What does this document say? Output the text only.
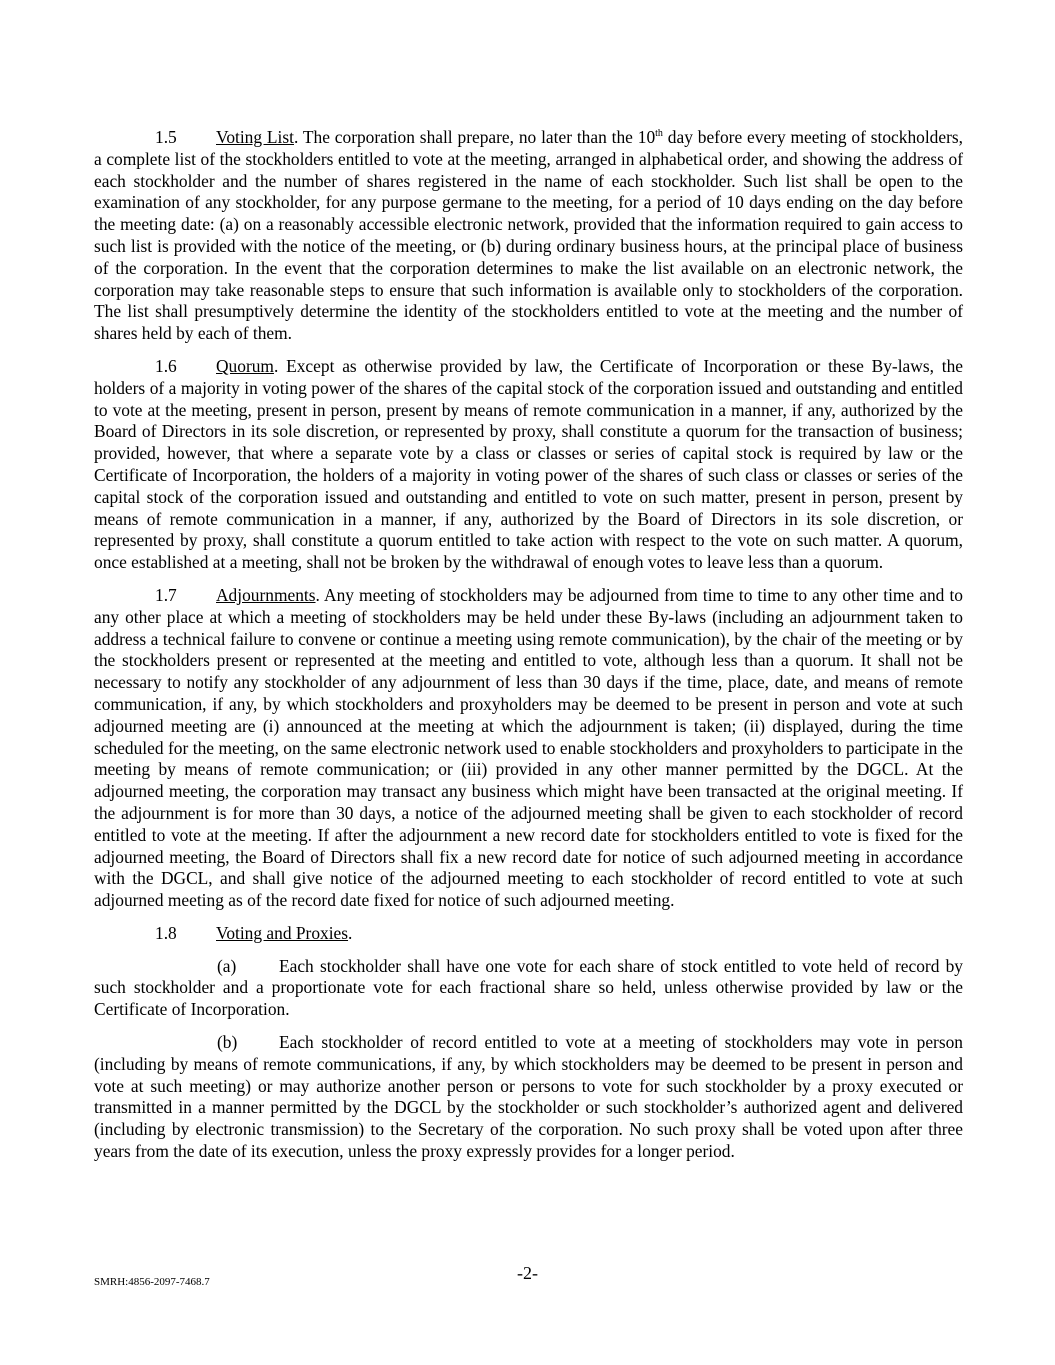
1.5 Voting List. The corporation shall prepare, no later than the 10th day before every meeting of stockholders, a complete list of the stockholders entitled to vote at the meeting, arranged in alphabetical order, and showing the address of each stockholder and the number of shares registered in the name of each stockholder. Such list shall be open to the examination of any stockholder, for any purpose germane to the meeting, for a period of 10 days ending on the day before the meeting date: (a) on a reasonably accessible electronic network, provided that the information required to gain access to such list is provided with the notice of the meeting, or (b) during ordinary business hours, at the principal place of business of the corporation. In the event that the corporation determines to make the list available on an electronic network, the corporation may take reasonable steps to ensure that such information is available only to stockholders of the corporation. The list shall presumptively determine the identity of the stockholders entitled to vote at the meeting and the number of shares held by each of them.

1.6 Quorum. Except as otherwise provided by law, the Certificate of Incorporation or these By-laws, the holders of a majority in voting power of the shares of the capital stock of the corporation issued and outstanding and entitled to vote at the meeting, present in person, present by means of remote communication in a manner, if any, authorized by the Board of Directors in its sole discretion, or represented by proxy, shall constitute a quorum for the transaction of business; provided, however, that where a separate vote by a class or classes or series of capital stock is required by law or the Certificate of Incorporation, the holders of a majority in voting power of the shares of such class or classes or series of the capital stock of the corporation issued and outstanding and entitled to vote on such matter, present in person, present by means of remote communication in a manner, if any, authorized by the Board of Directors in its sole discretion, or represented by proxy, shall constitute a quorum entitled to take action with respect to the vote on such matter. A quorum, once established at a meeting, shall not be broken by the withdrawal of enough votes to leave less than a quorum.

1.7 Adjournments. Any meeting of stockholders may be adjourned from time to time to any other time and to any other place at which a meeting of stockholders may be held under these By-laws (including an adjournment taken to address a technical failure to convene or continue a meeting using remote communication), by the chair of the meeting or by the stockholders present or represented at the meeting and entitled to vote, although less than a quorum. It shall not be necessary to notify any stockholder of any adjournment of less than 30 days if the time, place, date, and means of remote communication, if any, by which stockholders and proxyholders may be deemed to be present in person and vote at such adjourned meeting are (i) announced at the meeting at which the adjournment is taken; (ii) displayed, during the time scheduled for the meeting, on the same electronic network used to enable stockholders and proxyholders to participate in the meeting by means of remote communication; or (iii) provided in any other manner permitted by the DGCL. At the adjourned meeting, the corporation may transact any business which might have been transacted at the original meeting. If the adjournment is for more than 30 days, a notice of the adjourned meeting shall be given to each stockholder of record entitled to vote at the meeting. If after the adjournment a new record date for stockholders entitled to vote is fixed for the adjourned meeting, the Board of Directors shall fix a new record date for notice of such adjourned meeting in accordance with the DGCL, and shall give notice of the adjourned meeting to each stockholder of record entitled to vote at such adjourned meeting as of the record date fixed for notice of such adjourned meeting.

1.8 Voting and Proxies.

(a) Each stockholder shall have one vote for each share of stock entitled to vote held of record by such stockholder and a proportionate vote for each fractional share so held, unless otherwise provided by law or the Certificate of Incorporation.

(b) Each stockholder of record entitled to vote at a meeting of stockholders may vote in person (including by means of remote communications, if any, by which stockholders may be deemed to be present in person and vote at such meeting) or may authorize another person or persons to vote for such stockholder by a proxy executed or transmitted in a manner permitted by the DGCL by the stockholder or such stockholder’s authorized agent and delivered (including by electronic transmission) to the Secretary of the corporation. No such proxy shall be voted upon after three years from the date of its execution, unless the proxy expressly provides for a longer period.

SMRH:4856-2097-7468.7	-2-
